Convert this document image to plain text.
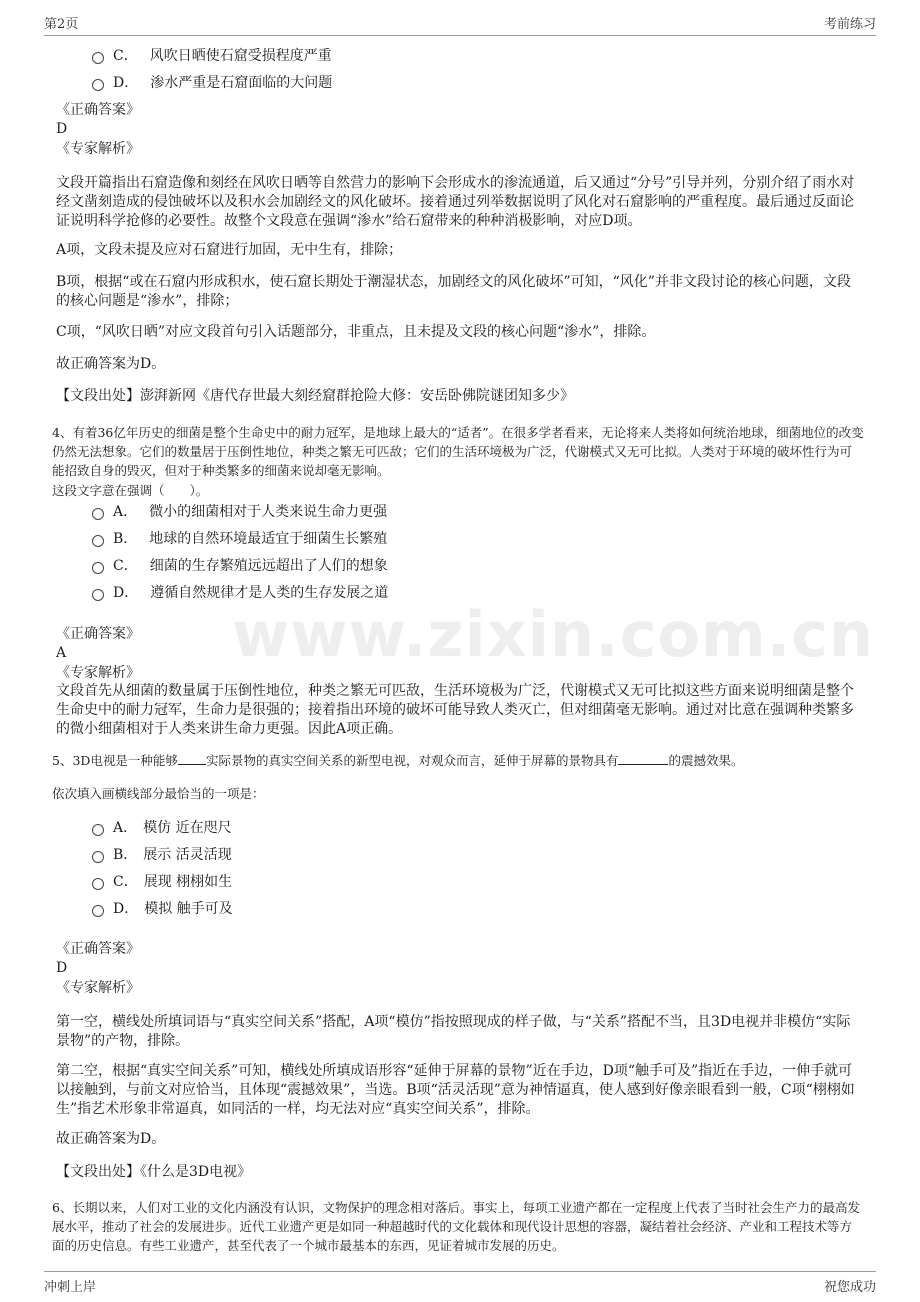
第2页	考前练习
www.zixin.com.cn
C． 风吹日晒使石窟受损程度严重
D． 渗水严重是石窟面临的大问题
《正确答案》
D
《专家解析》
文段开篇指出石窟造像和刻经在风吹日晒等自然营力的影响下会形成水的渗流通道，后又通过“分号”引导并列，分别介绍了雨水对经文凿刻造成的侵蚀破坏以及积水会加剧经文的风化破坏。接着通过列举数据说明了风化对石窟影响的严重程度。最后通过反面论证说明科学抢修的必要性。故整个文段意在强调“渗水”给石窟带来的种种消极影响，对应D项。
A项，文段未提及应对石窟进行加固，无中生有，排除；
B项，根据“或在石窟内形成积水，使石窟长期处于潮湿状态，加剧经文的风化破坏”可知，“风化”并非文段讨论的核心问题，文段的核心问题是“渗水”，排除；
C项，“风吹日晒”对应文段首句引入话题部分，非重点，且未提及文段的核心问题“渗水”，排除。
故正确答案为D。
【文段出处】澎湃新网《唐代存世最大刻经窟群抢险大修：安岳卧佛院谜团知多少》
4、有着36亿年历史的细菌是整个生命史中的耐力冠军，是地球上最大的“适者”。在很多学者看来，无论将来人类将如何统治地球，细菌地位的改变仍然无法想象。它们的数量居于压倒性地位，种类之繁无可匹敌；它们的生活环境极为广泛，代谢模式又无可比拟。人类对于环境的破坏性行为可能招致自身的毁灭，但对于种类繁多的细菌来说却毫无影响。
这段文字意在强调（　　）。
A． 微小的细菌相对于人类来说生命力更强
B． 地球的自然环境最适宜于细菌生长繁殖
C． 细菌的生存繁殖远远超出了人们的想象
D． 遵循自然规律才是人类的生存发展之道
《正确答案》
A
《专家解析》
文段首先从细菌的数量属于压倒性地位，种类之繁无可匹敌，生活环境极为广泛，代谢模式又无可比拟这些方面来说明细菌是整个生命史中的耐力冠军，生命力是很强的；接着指出环境的破坏可能导致人类灭亡，但对细菌毫无影响。通过对比意在强调种类繁多的微小细菌相对于人类来讲生命力更强。因此A项正确。
5、3D电视是一种能够 实际景物的真实空间关系的新型电视，对观众而言，延伸于屏幕的景物具有	的震撼效果。
依次填入画横线部分最恰当的一项是：
A． 模仿 近在咫尺
B． 展示 活灵活现
C． 展现 栩栩如生
D． 模拟 触手可及
《正确答案》
D
《专家解析》
第一空，横线处所填词语与“真实空间关系”搭配，A项“模仿”指按照现成的样子做，与“关系”搭配不当，且3D电视并非模仿“实际景物”的产物，排除。
第二空，根据“真实空间关系”可知，横线处所填成语形容“延伸于屏幕的景物”近在手边，D项“触手可及”指近在手边，一伸手就可以接触到，与前文对应恰当，且体现“震撼效果”，当选。B项“活灵活现”意为神情逼真，使人感到好像亲眼看到一般，C项“栩栩如生”指艺术形象非常逼真，如同活的一样，均无法对应“真实空间关系”，排除。
故正确答案为D。
【文段出处】《什么是3D电视》
6、长期以来，人们对工业的文化内涵没有认识，文物保护的理念相对落后。事实上，每项工业遗产都在一定程度上代表了当时社会生产力的最高发展水平，推动了社会的发展进步。近代工业遗产更是如同一种超越时代的文化载体和现代设计思想的容器，凝结着社会经济、产业和工程技术等方面的历史信息。有些工业遗产，甚至代表了一个城市最基本的东西，见证着城市发展的历史。
冲刺上岸	祝您成功
